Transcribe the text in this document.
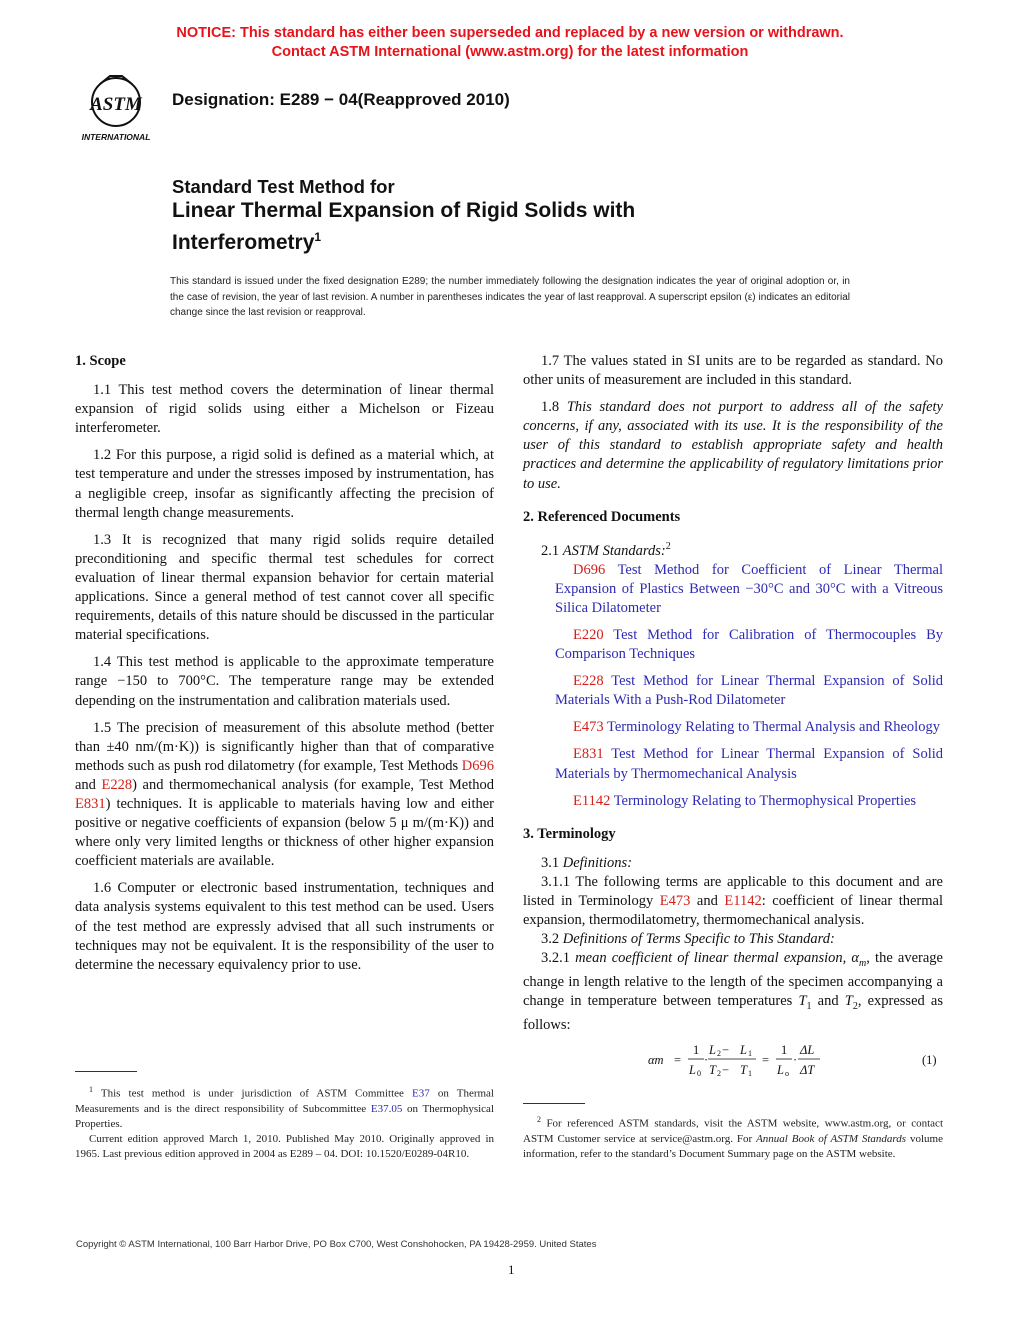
NOTICE: This standard has either been superseded and replaced by a new version or withdrawn.
Contact ASTM International (www.astm.org) for the latest information
ASTM
INTERNATIONAL
Designation: E289 − 04(Reapproved 2010)
Standard Test Method for
Linear Thermal Expansion of Rigid Solids with
Interferometry$^1$
This standard is issued under the fixed designation E289; the number immediately following the designation indicates the year of original adoption or, in the case of revision, the year of last revision. A number in parentheses indicates the year of last reapproval. A superscript epsilon (ε) indicates an editorial change since the last revision or reapproval.
1. Scope

1.1 This test method covers the determination of linear thermal expansion of rigid solids using either a Michelson or Fizeau interferometer.

1.2 For this purpose, a rigid solid is defined as a material which, at test temperature and under the stresses imposed by instrumentation, has a negligible creep, insofar as significantly affecting the precision of thermal length change measurements.

1.3 It is recognized that many rigid solids require detailed preconditioning and specific thermal test schedules for correct evaluation of linear thermal expansion behavior for certain material applications. Since a general method of test cannot cover all specific requirements, details of this nature should be discussed in the particular material specifications.

1.4 This test method is applicable to the approximate temperature range −150 to 700°C. The temperature range may be extended depending on the instrumentation and calibration materials used.

1.5 The precision of measurement of this absolute method (better than ±40 nm/(m·K)) is significantly higher than that of comparative methods such as push rod dilatometry (for example, Test Methods D696 and E228) and thermomechanical analysis (for example, Test Method E831) techniques. It is applicable to materials having low and either positive or negative coefficients of expansion (below 5 μ m/(m·K)) and where only very limited lengths or thickness of other higher expansion coefficient materials are available.

1.6 Computer or electronic based instrumentation, techniques and data analysis systems equivalent to this test method can be used. Users of the test method are expressly advised that all such instruments or techniques may not be equivalent. It is the responsibility of the user to determine the necessary equivalency prior to use.

1.7 The values stated in SI units are to be regarded as standard. No other units of measurement are included in this standard.

1.8 This standard does not purport to address all of the safety concerns, if any, associated with its use. It is the responsibility of the user of this standard to establish appropriate safety and health practices and determine the applicability of regulatory limitations prior to use.

2. Referenced Documents

2.1 ASTM Standards:$^2$

D696 Test Method for Coefficient of Linear Thermal Expansion of Plastics Between −30°C and 30°C with a Vitreous Silica Dilatometer

E220 Test Method for Calibration of Thermocouples By Comparison Techniques

E228 Test Method for Linear Thermal Expansion of Solid Materials With a Push-Rod Dilatometer

E473 Terminology Relating to Thermal Analysis and Rheology

E831 Test Method for Linear Thermal Expansion of Solid Materials by Thermomechanical Analysis

E1142 Terminology Relating to Thermophysical Properties

3. Terminology

3.1 Definitions:

3.1.1 The following terms are applicable to this document and are listed in Terminology E473 and E1142: coefficient of linear thermal expansion, thermodilatometry, thermomechanical analysis.

3.2 Definitions of Terms Specific to This Standard:

3.2.1 mean coefficient of linear thermal expansion, $\alpha_m$, the average change in length relative to the length of the specimen accompanying a change in temperature between temperatures $T_1$ and $T_2$, expressed as follows:

αm =
1
L 0
·
L 2 − L 1
T 2 − T 1
=
1
L o
·
ΔL
ΔT
(1)

$^1$ This test method is under jurisdiction of ASTM Committee E37 on Thermal Measurements and is the direct responsibility of Subcommittee E37.05 on Thermophysical Properties.

Current edition approved March 1, 2010. Published May 2010. Originally approved in 1965. Last previous edition approved in 2004 as E289 – 04. DOI: 10.1520/E0289-04R10.

$^2$ For referenced ASTM standards, visit the ASTM website, www.astm.org, or contact ASTM Customer service at service@astm.org. For Annual Book of ASTM Standards volume information, refer to the standard’s Document Summary page on the ASTM website.

Copyright © ASTM International, 100 Barr Harbor Drive, PO Box C700, West Conshohocken, PA 19428-2959. United States
1
